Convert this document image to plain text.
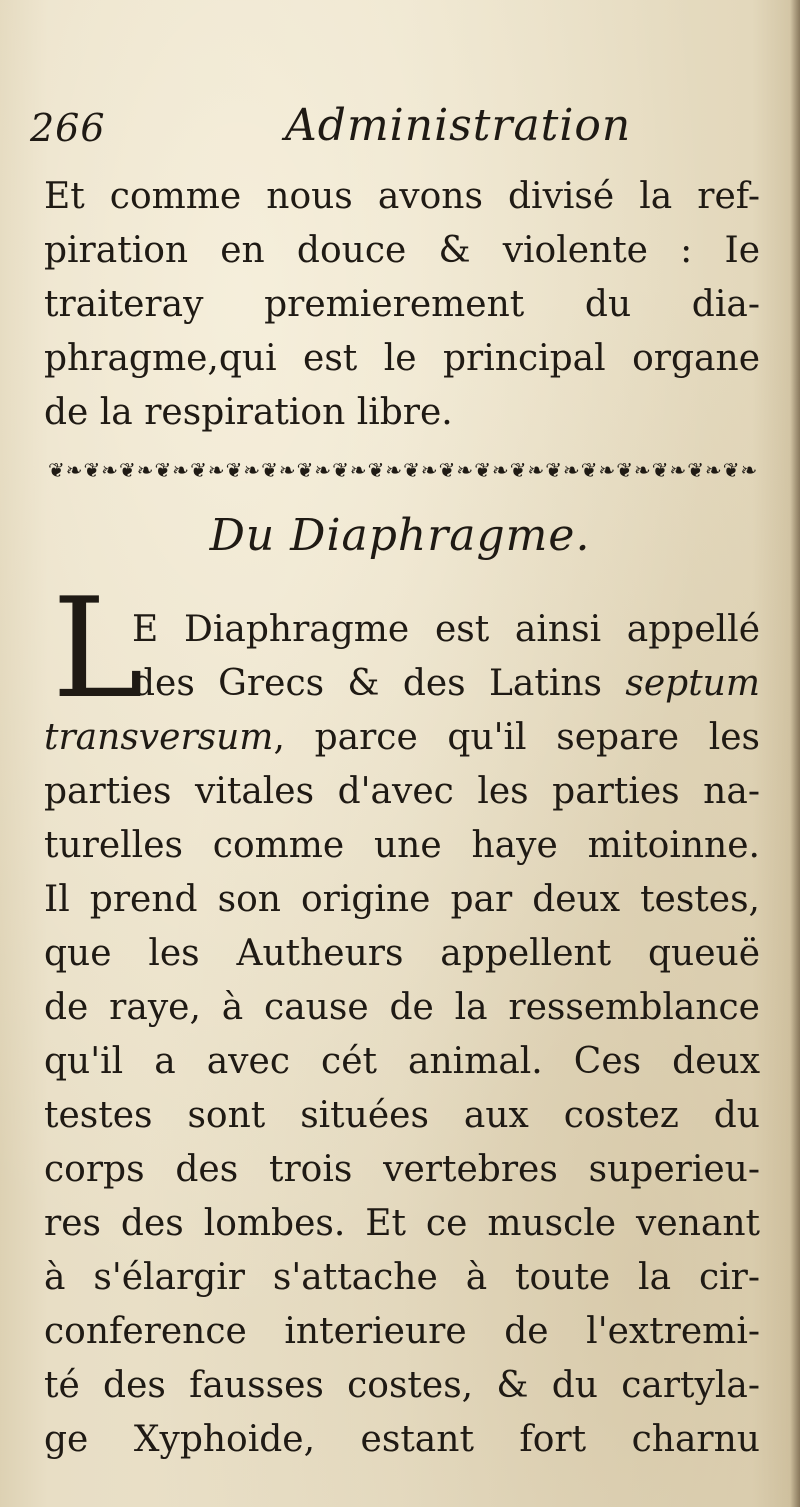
266	Administration
Et comme nous avons divisé la ref-
piration en douce & violente : Ie
traiteray premierement du dia-
phragme,qui est le principal organe
de la respiration libre.
❦❧❦❧❦❧❦❧❦❧❦❧❦❧❦❧❦❧❦❧❦❧❦❧❦❧❦❧❦❧❦❧❦❧❦❧❦❧❦❧
Du Diaphragme.
L
E Diaphragme est ainsi appellé
des Grecs & des Latins septum
transversum, parce qu'il separe les
parties vitales d'avec les parties na-
turelles comme une haye mitoinne.
Il prend son origine par deux testes,
que les Autheurs appellent queuë
de raye, à cause de la ressemblance
qu'il a avec cét animal. Ces deux
testes sont situées aux costez du
corps des trois vertebres superieu-
res des lombes. Et ce muscle venant
à s'élargir s'attache à toute la cir-
conference interieure de l'extremi-
té des fausses costes, & du cartyla-
ge Xyphoide, estant fort charnu
